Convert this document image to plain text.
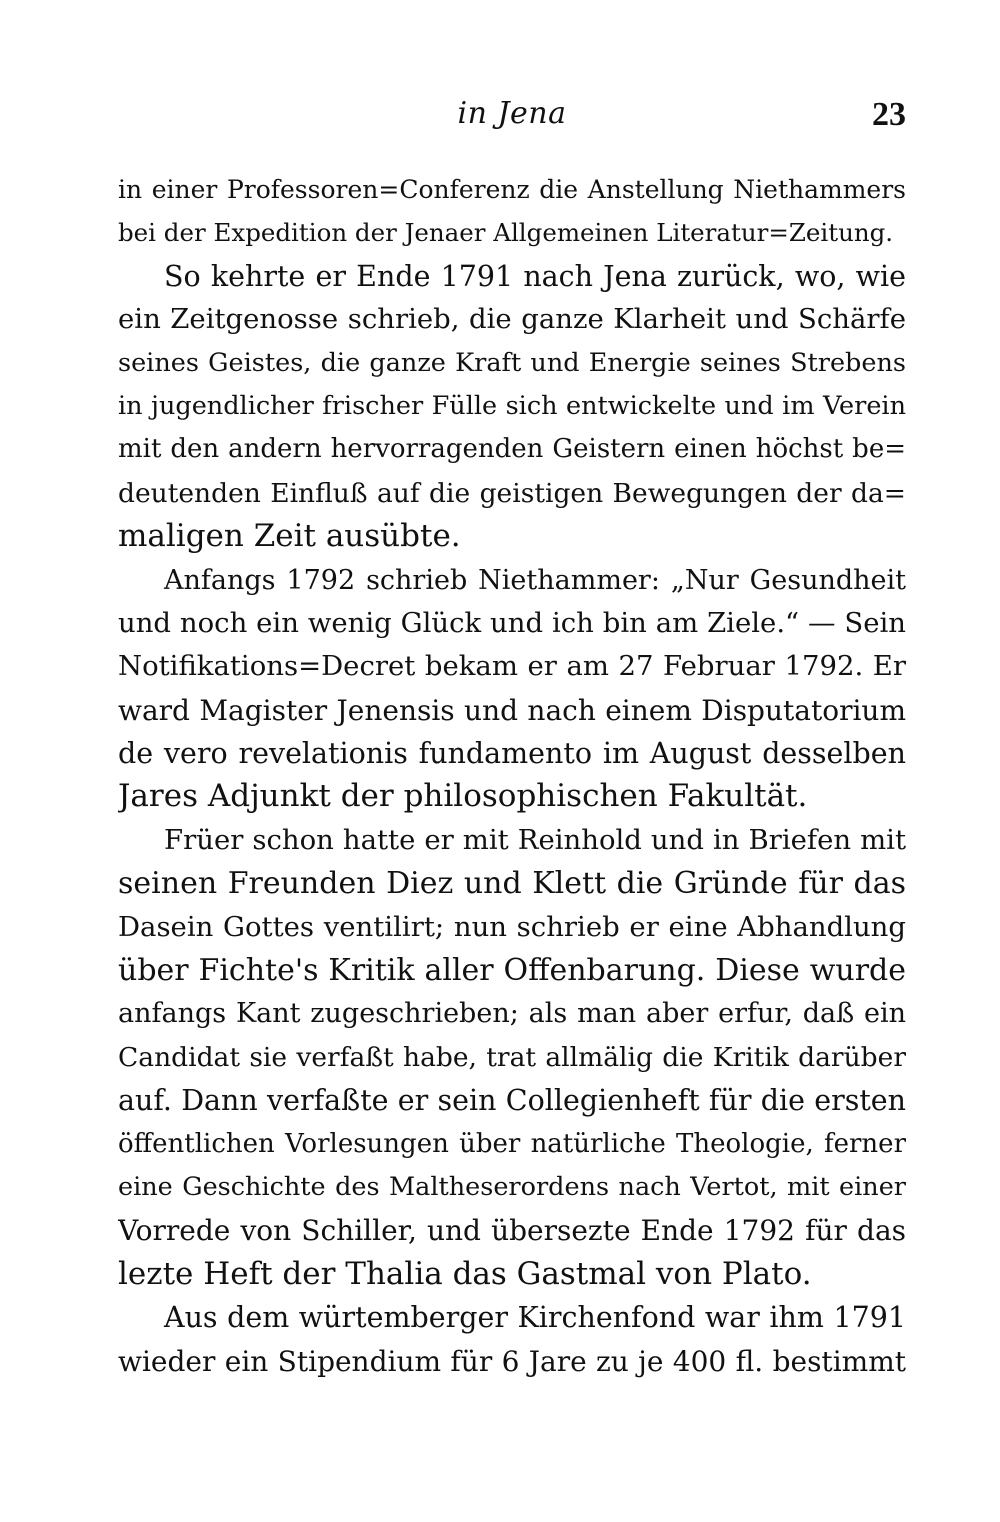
in Jena	23
in einer Professoren=Conferenz die Anstellung Niethammers
bei der Expedition der Jenaer Allgemeinen Literatur=Zeitung.
So kehrte er Ende 1791 nach Jena zurück, wo, wie
ein Zeitgenosse schrieb, die ganze Klarheit und Schärfe
seines Geistes, die ganze Kraft und Energie seines Strebens
in jugendlicher frischer Fülle sich entwickelte und im Verein
mit den andern hervorragenden Geistern einen höchst be=
deutenden Einfluß auf die geistigen Bewegungen der da=
maligen Zeit ausübte.
Anfangs 1792 schrieb Niethammer: „Nur Gesundheit
und noch ein wenig Glück und ich bin am Ziele.“ — Sein
Notifikations=Decret bekam er am 27 Februar 1792. Er
ward Magister Jenensis und nach einem Disputatorium
de vero revelationis fundamento im August desselben
Jares Adjunkt der philosophischen Fakultät.
Früer schon hatte er mit Reinhold und in Briefen mit
seinen Freunden Diez und Klett die Gründe für das
Dasein Gottes ventilirt; nun schrieb er eine Abhandlung
über Fichte's Kritik aller Offenbarung. Diese wurde
anfangs Kant zugeschrieben; als man aber erfur, daß ein
Candidat sie verfaßt habe, trat allmälig die Kritik darüber
auf. Dann verfaßte er sein Collegienheft für die ersten
öffentlichen Vorlesungen über natürliche Theologie, ferner
eine Geschichte des Maltheserordens nach Vertot, mit einer
Vorrede von Schiller, und übersezte Ende 1792 für das
lezte Heft der Thalia das Gastmal von Plato.
Aus dem würtemberger Kirchenfond war ihm 1791
wieder ein Stipendium für 6 Jare zu je 400 fl. bestimmt
